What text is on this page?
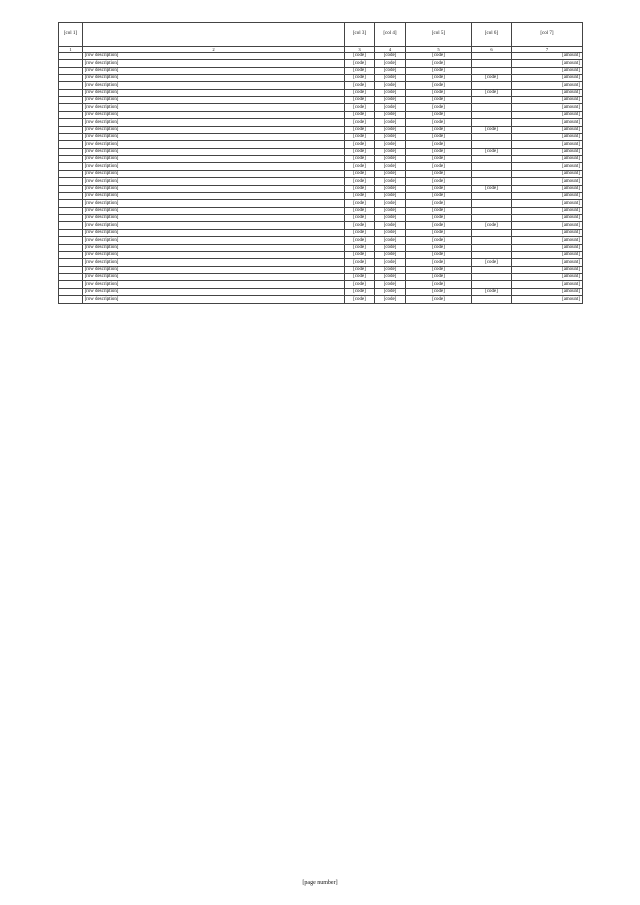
[col 1]		[col 3]	[col 4]	[col 5]	[col 6]	[col 7]
1	2	3	4	5	6	7
	[row description]	[code]	[code]	[code]		[amount]
	[row description]	[code]	[code]	[code]		[amount]
	[row description]	[code]	[code]	[code]		[amount]
	[row description]	[code]	[code]	[code]	[code]	[amount]
	[row description]	[code]	[code]	[code]		[amount]
	[row description]	[code]	[code]	[code]	[code]	[amount]
	[row description]	[code]	[code]	[code]		[amount]
	[row description]	[code]	[code]	[code]		[amount]
	[row description]	[code]	[code]	[code]		[amount]
	[row description]	[code]	[code]	[code]		[amount]
	[row description]	[code]	[code]	[code]	[code]	[amount]
	[row description]	[code]	[code]	[code]		[amount]
	[row description]	[code]	[code]	[code]		[amount]
	[row description]	[code]	[code]	[code]	[code]	[amount]
	[row description]	[code]	[code]	[code]		[amount]
	[row description]	[code]	[code]	[code]		[amount]
	[row description]	[code]	[code]	[code]		[amount]
	[row description]	[code]	[code]	[code]		[amount]
	[row description]	[code]	[code]	[code]	[code]	[amount]
	[row description]	[code]	[code]	[code]		[amount]
	[row description]	[code]	[code]	[code]		[amount]
	[row description]	[code]	[code]	[code]		[amount]
	[row description]	[code]	[code]	[code]		[amount]
	[row description]	[code]	[code]	[code]	[code]	[amount]
	[row description]	[code]	[code]	[code]		[amount]
	[row description]	[code]	[code]	[code]		[amount]
	[row description]	[code]	[code]	[code]		[amount]
	[row description]	[code]	[code]	[code]		[amount]
	[row description]	[code]	[code]	[code]	[code]	[amount]
	[row description]	[code]	[code]	[code]		[amount]
	[row description]	[code]	[code]	[code]		[amount]
	[row description]	[code]	[code]	[code]		[amount]
	[row description]	[code]	[code]	[code]	[code]	[amount]
	[row description]	[code]	[code]	[code]		[amount]
[page number]
